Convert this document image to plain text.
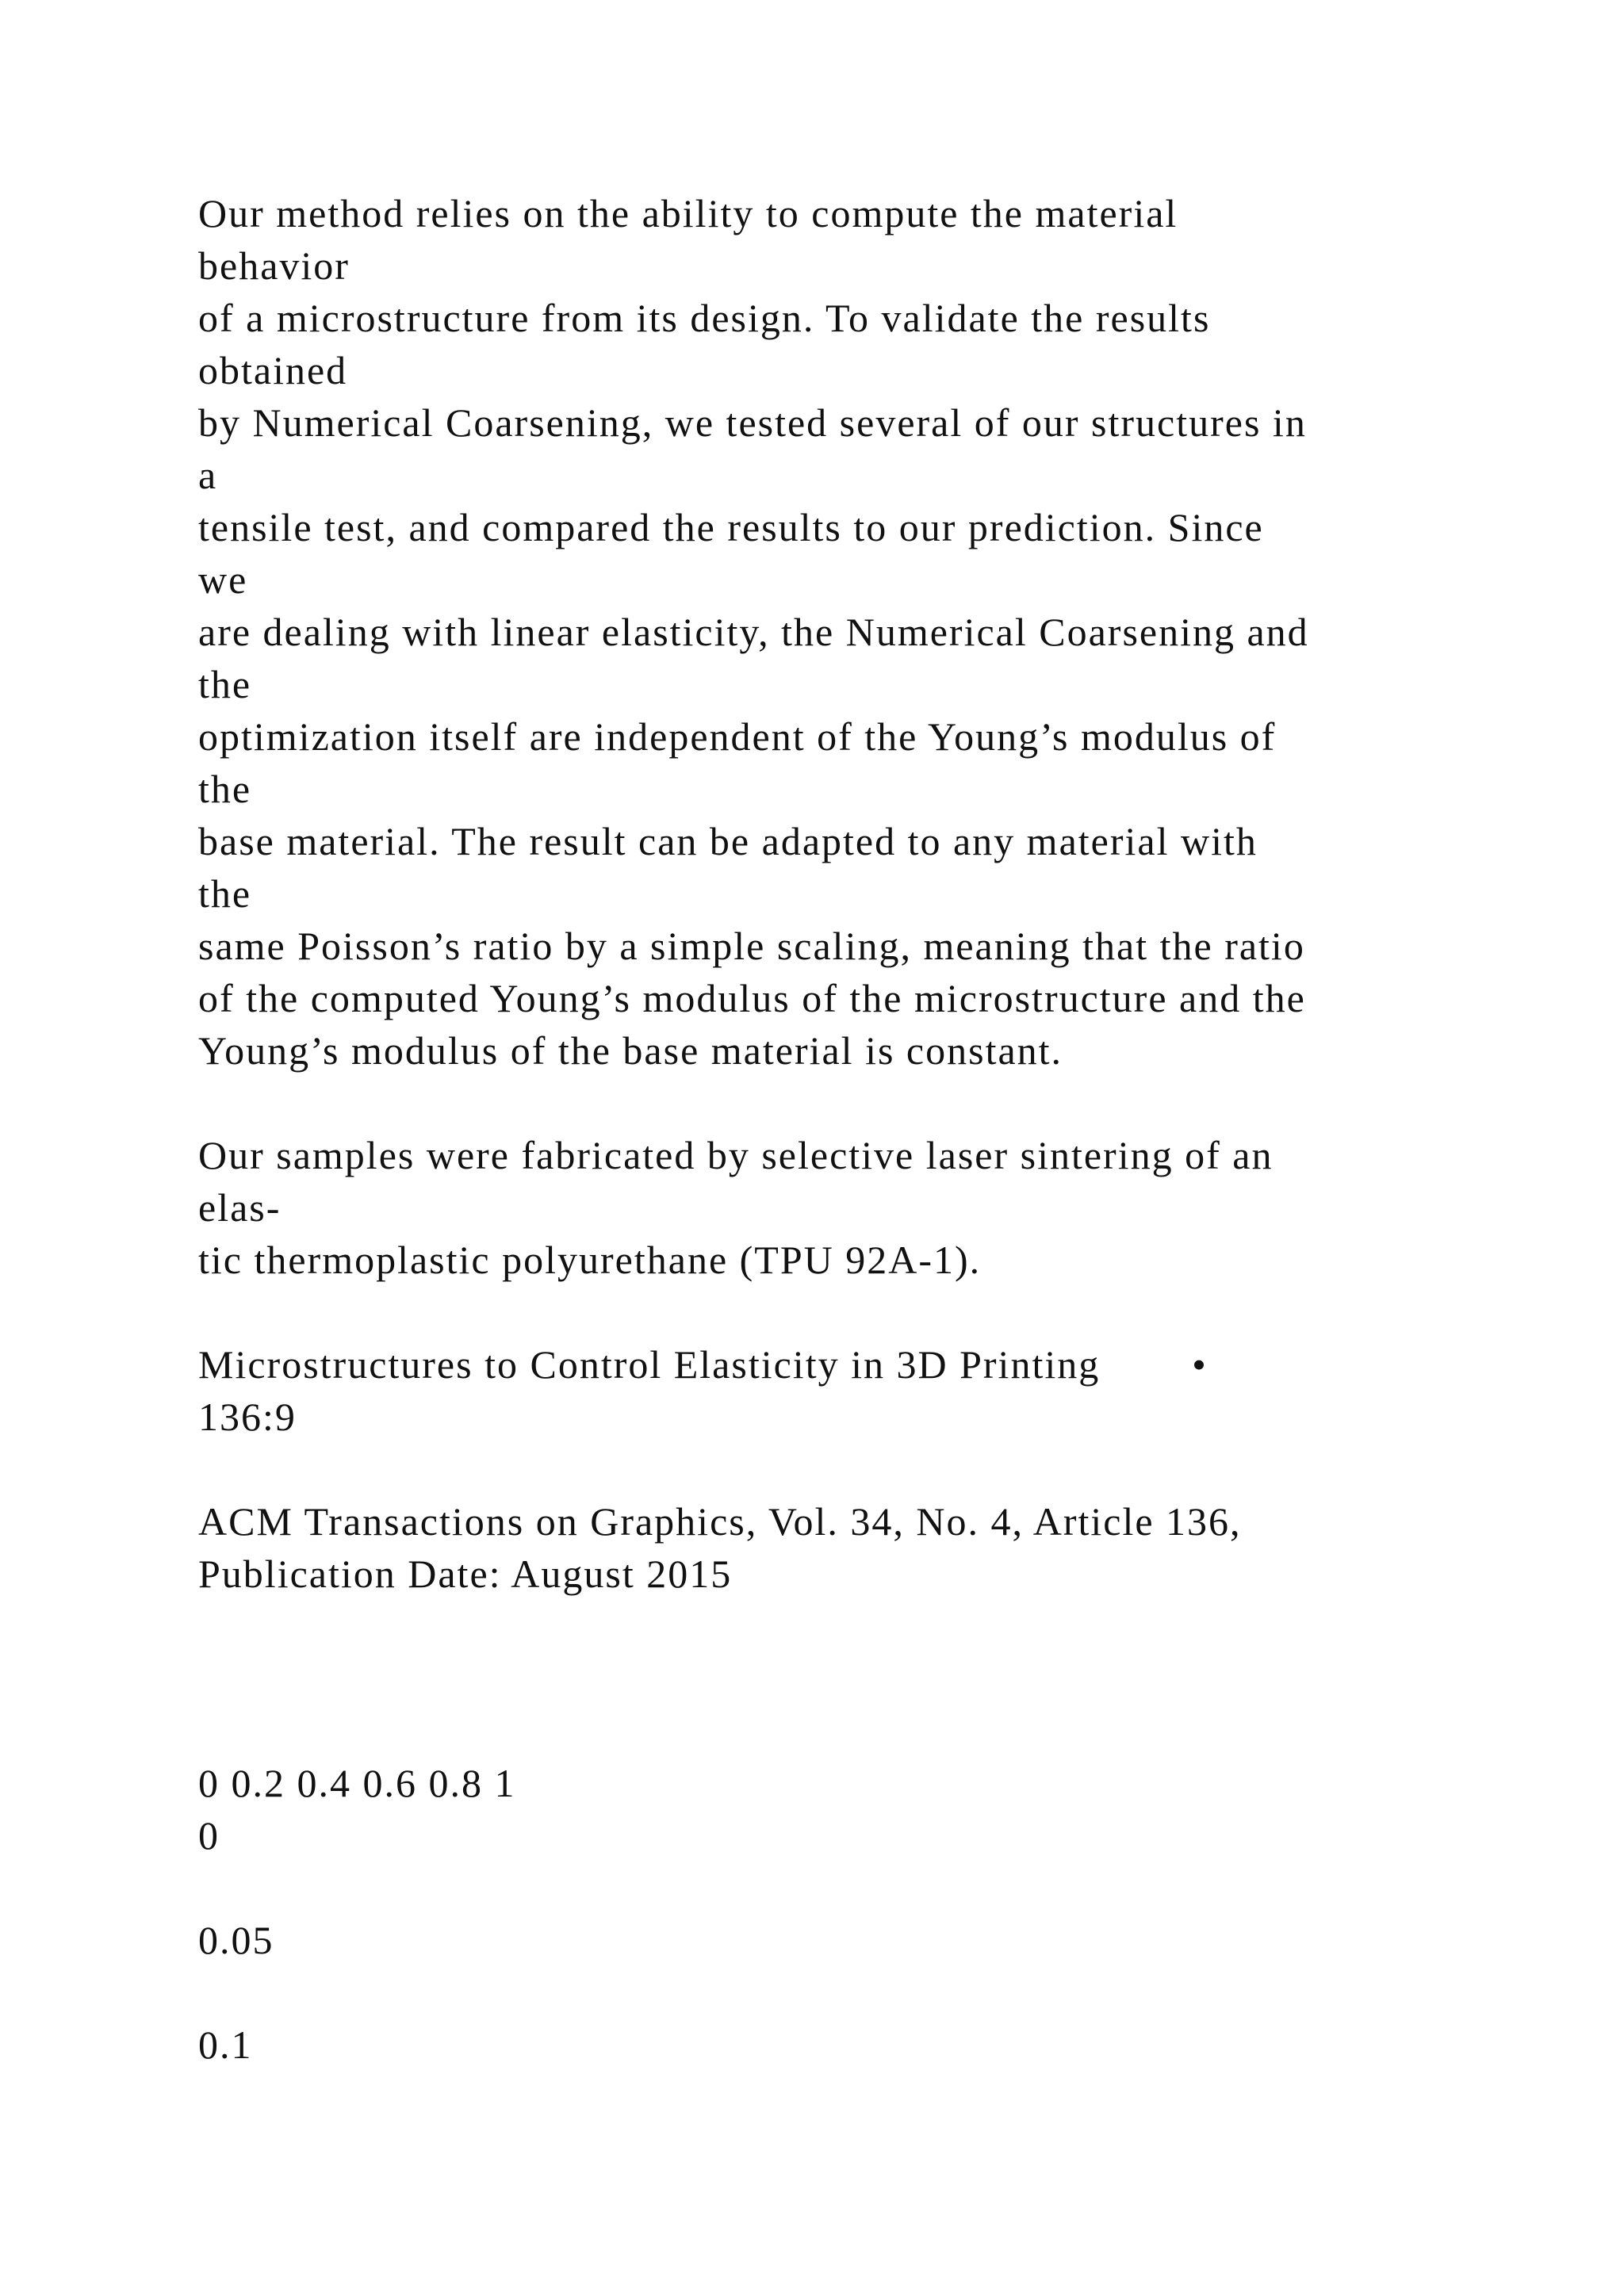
Our method relies on the ability to compute the material
behavior
of a microstructure from its design. To validate the results
obtained
by Numerical Coarsening, we tested several of our structures in
a
tensile test, and compared the results to our prediction. Since
we
are dealing with linear elasticity, the Numerical Coarsening and
the
optimization itself are independent of the Young’s modulus of
the
base material. The result can be adapted to any material with
the
same Poisson’s ratio by a simple scaling, meaning that the ratio
of the computed Young’s modulus of the microstructure and the
Young’s modulus of the base material is constant.
Our samples were fabricated by selective laser sintering of an
elas-
tic thermoplastic polyurethane (TPU 92A-1).
Microstructures to Control Elasticity in 3D Printing •
136:9
ACM Transactions on Graphics, Vol. 34, No. 4, Article 136,
Publication Date: August 2015
0 0.2 0.4 0.6 0.8 1
0
0.05
0.1
